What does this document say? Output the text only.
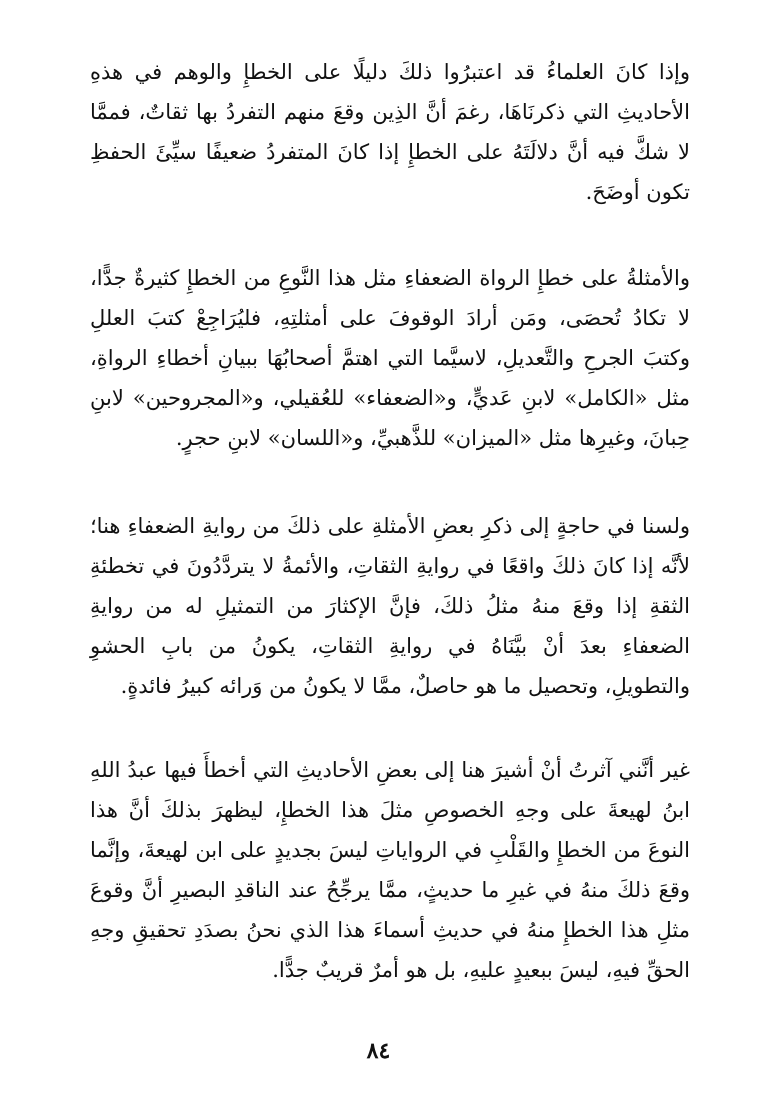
وإذا كانَ العلماءُ قد اعتبرُوا ذلكَ دليلًا على الخطإِ والوهم في هذهِ الأحاديثِ التي ذكرنَاهَا، رغمَ أنَّ الذِين وقعَ منهم التفردُ بها ثقاتٌ، فممَّا لا شكَّ فيه أنَّ دلالَتَهُ على الخطإِ إذا كانَ المتفردُ ضعيفًا سيِّئَ الحفظِ تكون أوضَحَ.

والأمثلةُ على خطإِ الرواة الضعفاءِ مثل هذا النَّوعِ من الخطإِ كثيرةٌ جدًّا، لا تكادُ تُحصَى، ومَن أرادَ الوقوفَ على أمثلتِهِ، فليُرَاجِعْ كتبَ العللِ وكتبَ الجرحِ والتَّعديلِ، لاسيَّما التي اهتمَّ أصحابُهَا ببيانِ أخطاءِ الرواةِ، مثل «الكامل» لابنِ عَديٍّ، و«الضعفاء» للعُقيلي، و«المجروحين» لابنِ حِبانَ، وغيرِها مثل «الميزان» للذَّهبيِّ، و«اللسان» لابنِ حجرٍ.

ولسنا في حاجةٍ إلى ذكرِ بعضِ الأمثلةِ على ذلكَ من روايةِ الضعفاءِ هنا؛ لأنَّه إذا كانَ ذلكَ واقعًا في روايةِ الثقاتِ، والأئمةُ لا يتردَّدُونَ في تخطئةِ الثقةِ إذا وقعَ منهُ مثلُ ذلكَ، فإنَّ الإكثارَ من التمثيلِ له من روايةِ الضعفاءِ بعدَ أنْ بيَّنَاهُ في روايةِ الثقاتِ، يكونُ من بابِ الحشوِ والتطويلِ، وتحصيل ما هو حاصلٌ، ممَّا لا يكونُ من وَرائه كبيرُ فائدةٍ.

غير أنَّني آثرتُ أنْ أشيرَ هنا إلى بعضِ الأحاديثِ التي أخطأَ فيها عبدُ اللهِ ابنُ لهيعةَ على وجهِ الخصوصِ مثلَ هذا الخطإِ، ليظهرَ بذلكَ أنَّ هذا النوعَ من الخطإِ والقَلْبِ في الرواياتِ ليسَ بجديدٍ على ابن لهيعةَ، وإنَّما وقعَ ذلكَ منهُ في غيرِ ما حديثٍ، ممَّا يرجِّحُ عند الناقدِ البصيرِ أنَّ وقوعَ مثلِ هذا الخطإِ منهُ في حديثِ أسماءَ هذا الذي نحنُ بصدَدِ تحقيقِ وجهِ الحقِّ فيهِ، ليسَ ببعيدٍ عليهِ، بل هو أمرٌ قريبٌ جدًّا.

٨٤
